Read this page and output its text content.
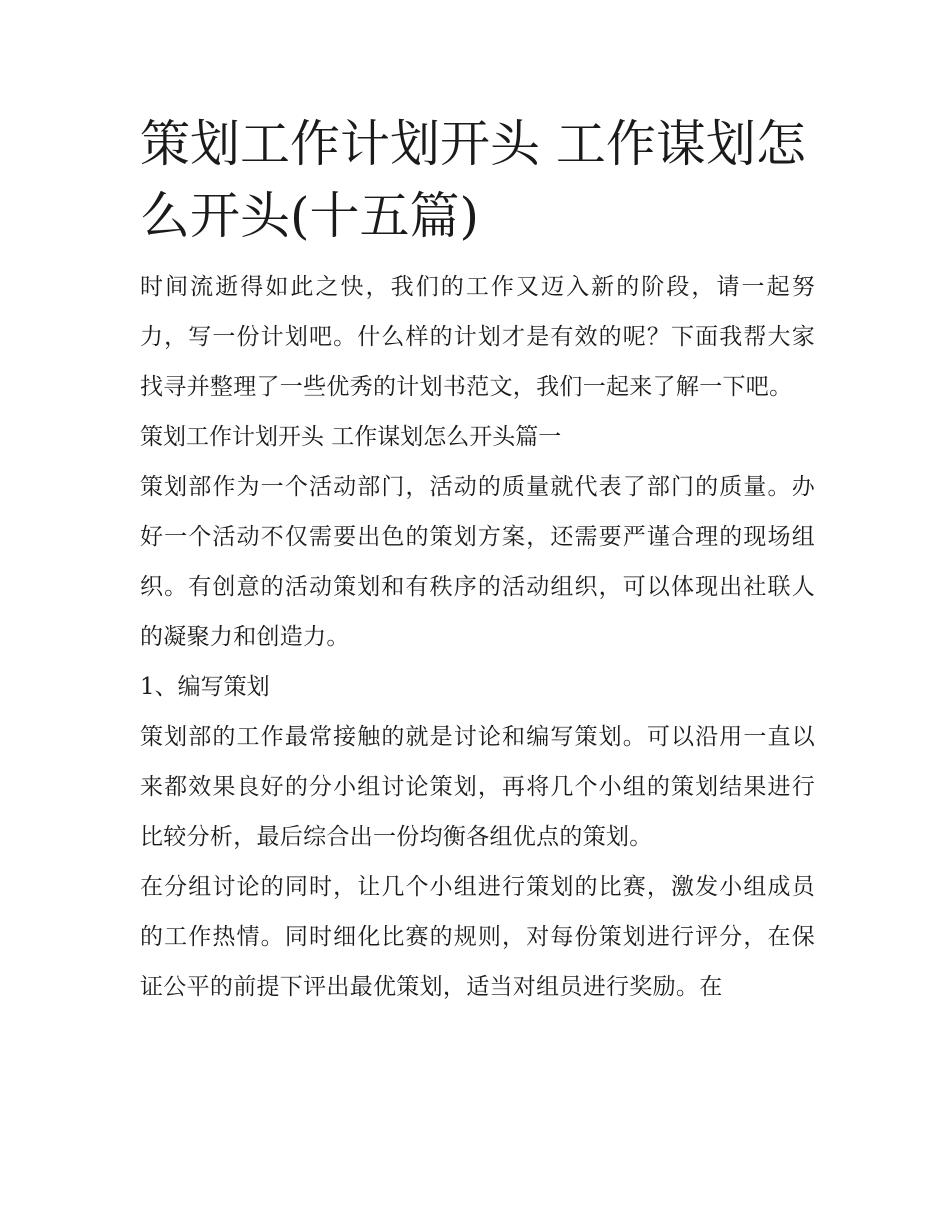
策划工作计划开头 工作谋划怎么开头(十五篇)

时间流逝得如此之快，我们的工作又迈入新的阶段，请一起努力，写一份计划吧。什么样的计划才是有效的呢？下面我帮大家找寻并整理了一些优秀的计划书范文，我们一起来了解一下吧。

策划工作计划开头 工作谋划怎么开头篇一

策划部作为一个活动部门，活动的质量就代表了部门的质量。办好一个活动不仅需要出色的策划方案，还需要严谨合理的现场组织。有创意的活动策划和有秩序的活动组织，可以体现出社联人的凝聚力和创造力。

1、编写策划

策划部的工作最常接触的就是讨论和编写策划。可以沿用一直以来都效果良好的分小组讨论策划，再将几个小组的策划结果进行比较分析，最后综合出一份均衡各组优点的策划。

在分组讨论的同时，让几个小组进行策划的比赛，激发小组成员的工作热情。同时细化比赛的规则，对每份策划进行评分，在保证公平的前提下评出最优策划，适当对组员进行奖励。在
